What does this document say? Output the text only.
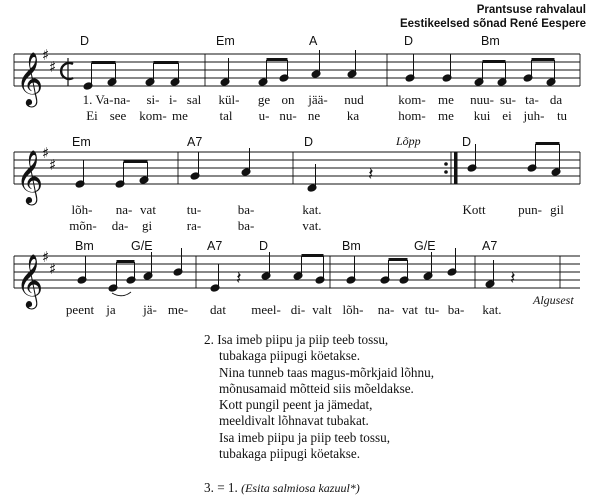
Prantsuse rahvalaul
Eestikeelsed sõnad René Eespere
𝄞
𝄞
𝄞
♯
♯
♯
♯
♯
♯
𝄽
𝄽	𝄽
D	Em	A	D	Bm
1. Va- na- si- i- sal kül- ge on jää- nud	kom- me nuu- su- ta- da
Ei see kom- me tal u- nu- ne ka	hom- me kui ei juh- tu
Em	A7	D	D
Lõpp
lõh- na- vat tu-	ba-	kat.	Kott	pun- gil
mõn- da- gi	ra-	ba-	vat.
Bm	G/E	A7	D	Bm	G/E	A7
peent ja jä- me- dat meel- di- valt lõh- na- vat tu- ba- kat.
Algusest
2. Isa imeb piipu ja piip teeb tossu,
tubakaga piipugi köetakse.
Nina tunneb taas magus-mõrkjaid lõhnu,
mõnusamaid mõtteid siis mõeldakse.
Kott pungil peent ja jämedat,
meeldivalt lõhnavat tubakat.
Isa imeb piipu ja piip teeb tossu,
tubakaga piipugi köetakse.
3. = 1. (Esita salmiosa kazuul*)
